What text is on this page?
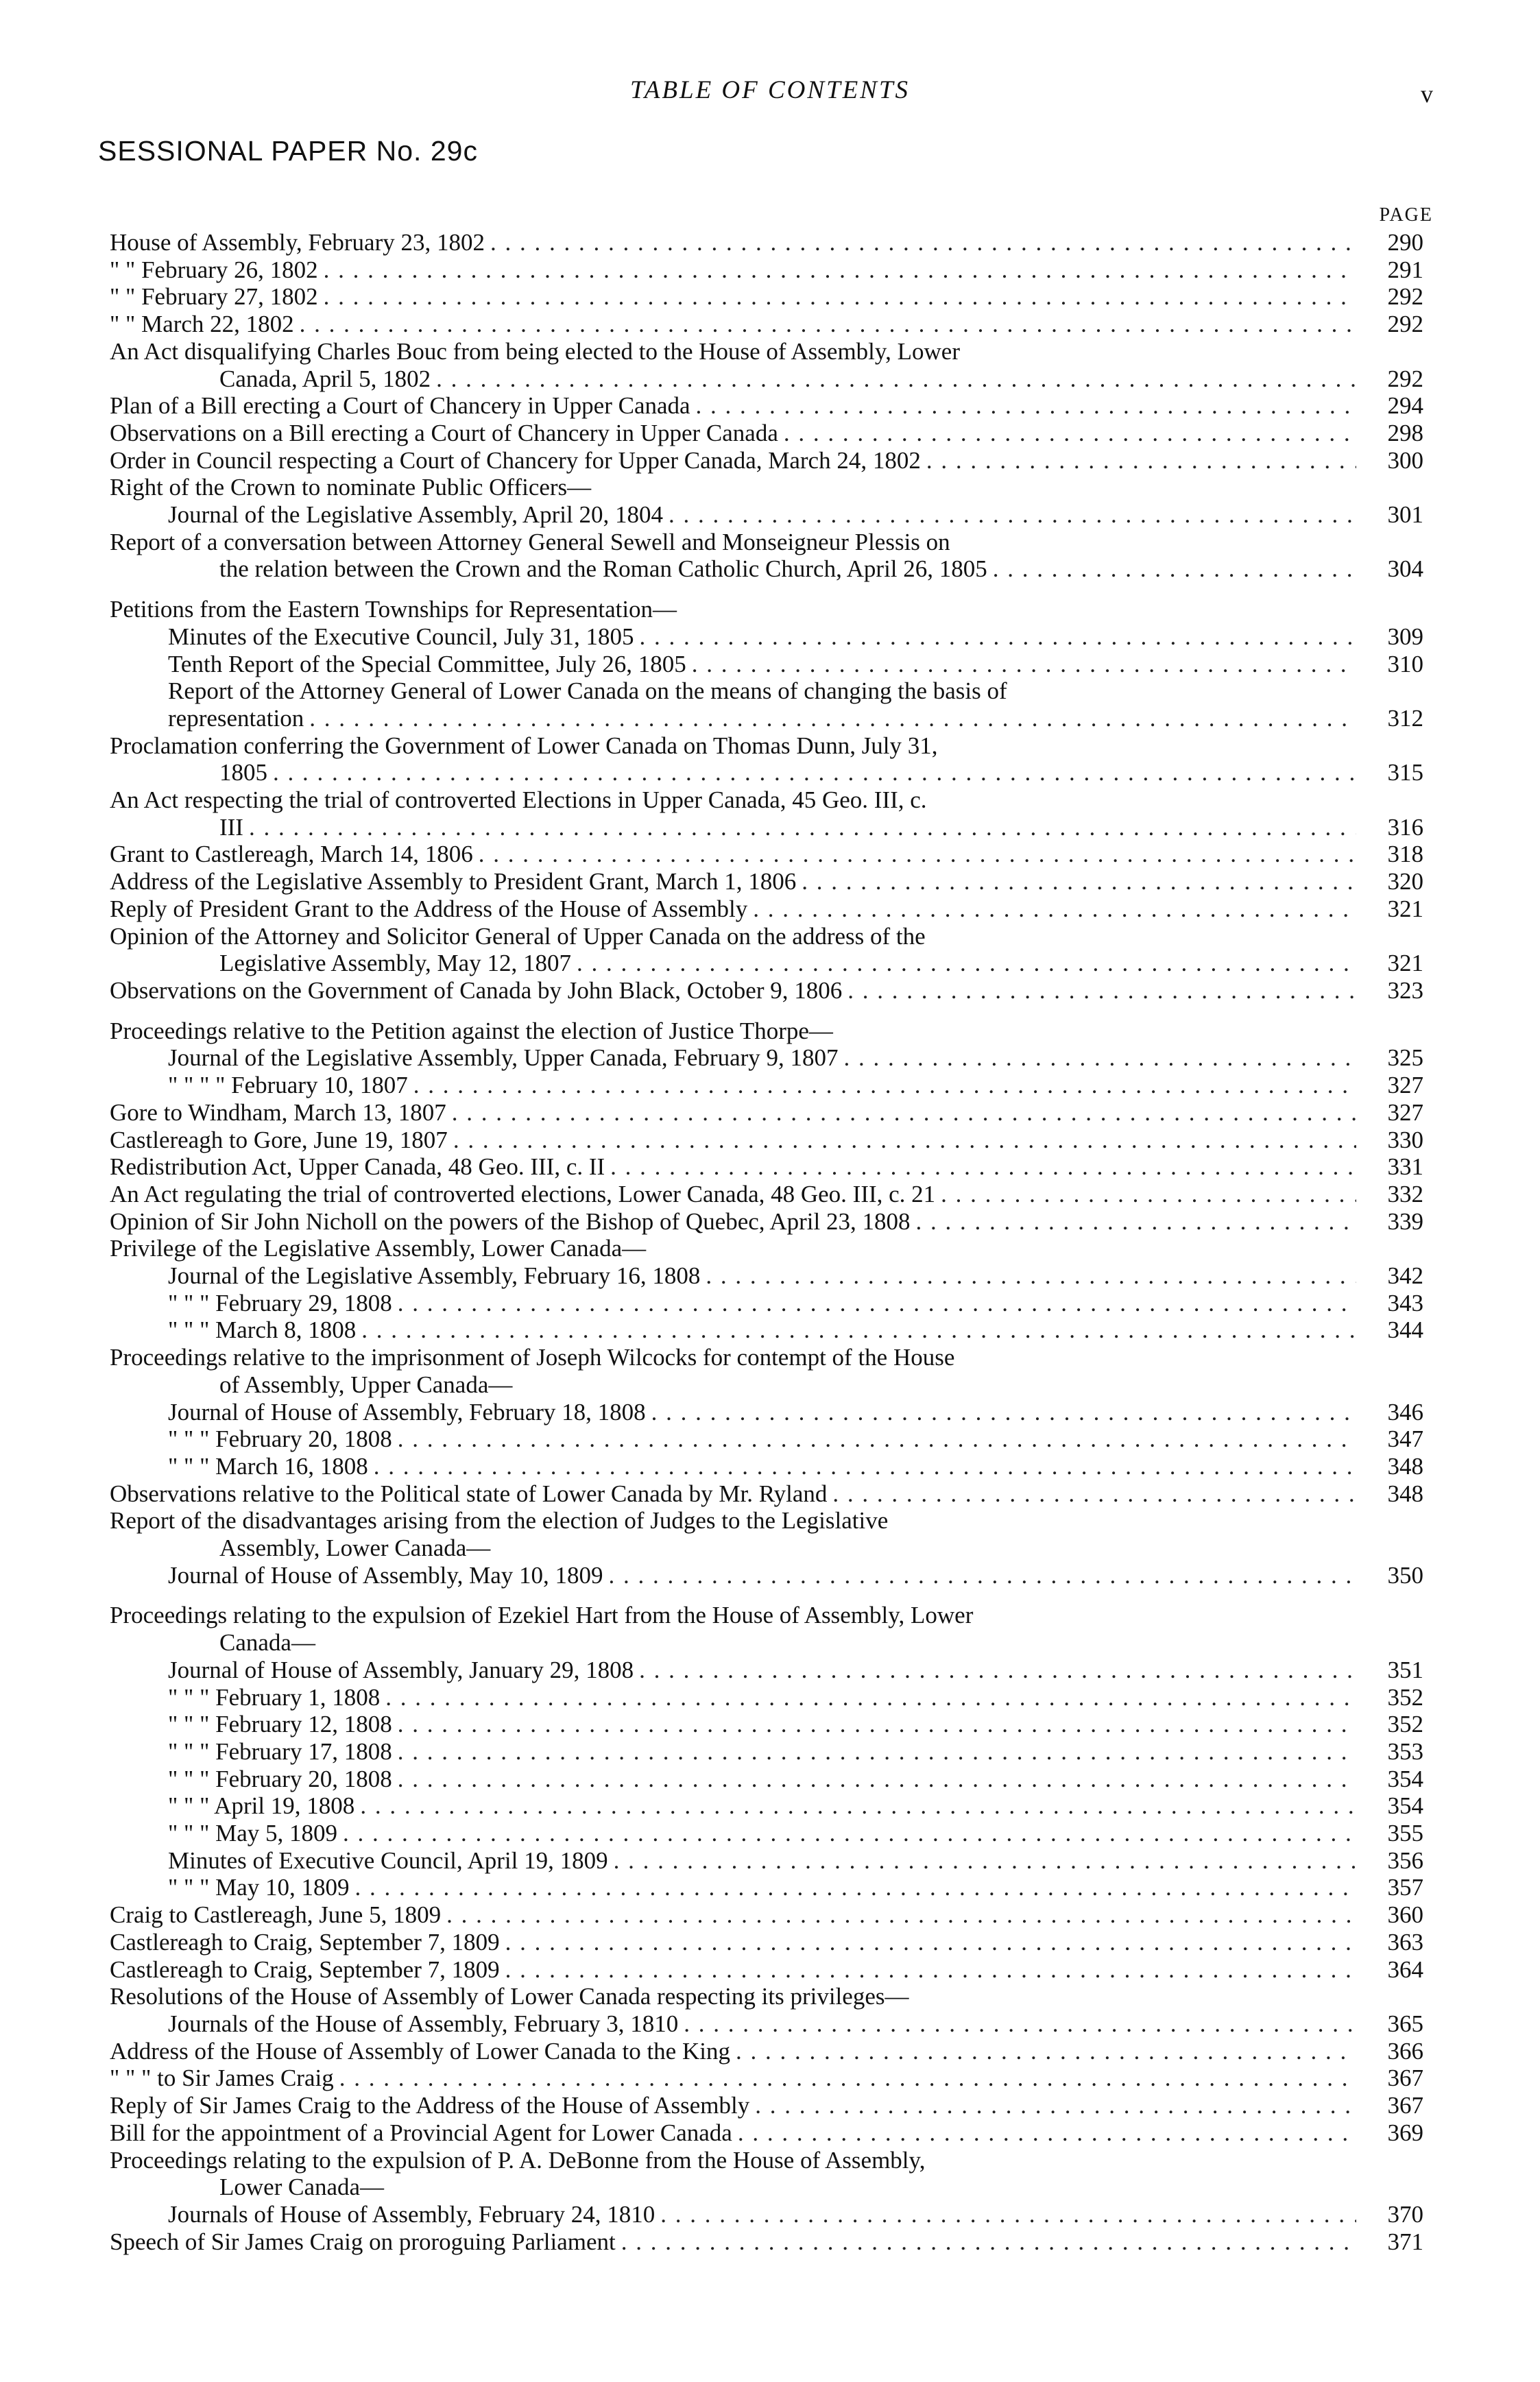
TABLE OF CONTENTS	v
SESSIONAL PAPER No. 29c
PAGE
House of Assembly, February 23, 1802 . . .	290
" " February 26, 1802 . . .	291
" " February 27, 1802 . . .	292
" " March 22, 1802 . . .	292
An Act disqualifying Charles Bouc from being elected to the House of Assembly, Lower
Canada, April 5, 1802 . . .	292
Plan of a Bill erecting a Court of Chancery in Upper Canada . . .	294
Observations on a Bill erecting a Court of Chancery in Upper Canada . . .	298
Order in Council respecting a Court of Chancery for Upper Canada, March 24, 1802 . . .	300
Right of the Crown to nominate Public Officers—
Journal of the Legislative Assembly, April 20, 1804 . . .	301
Report of a conversation between Attorney General Sewell and Monseigneur Plessis on
the relation between the Crown and the Roman Catholic Church, April 26, 1805 . . .	304
Petitions from the Eastern Townships for Representation—
Minutes of the Executive Council, July 31, 1805 . . .	309
Tenth Report of the Special Committee, July 26, 1805 . . .	310
Report of the Attorney General of Lower Canada on the means of changing the basis of
representation . . .	312
Proclamation conferring the Government of Lower Canada on Thomas Dunn, July 31,
1805 . . .	315
An Act respecting the trial of controverted Elections in Upper Canada, 45 Geo. III, c.
III . . .	316
Grant to Castlereagh, March 14, 1806 . . .	318
Address of the Legislative Assembly to President Grant, March 1, 1806 . . .	320
Reply of President Grant to the Address of the House of Assembly . . .	321
Opinion of the Attorney and Solicitor General of Upper Canada on the address of the
Legislative Assembly, May 12, 1807 . . .	321
Observations on the Government of Canada by John Black, October 9, 1806 . . .	323
Proceedings relative to the Petition against the election of Justice Thorpe—
Journal of the Legislative Assembly, Upper Canada, February 9, 1807 . . .	325
" " " " February 10, 1807 . . .	327
Gore to Windham, March 13, 1807 . . .	327
Castlereagh to Gore, June 19, 1807 . . .	330
Redistribution Act, Upper Canada, 48 Geo. III, c. II . . .	331
An Act regulating the trial of controverted elections, Lower Canada, 48 Geo. III, c. 21 . . .	332
Opinion of Sir John Nicholl on the powers of the Bishop of Quebec, April 23, 1808 . . .	339
Privilege of the Legislative Assembly, Lower Canada—
Journal of the Legislative Assembly, February 16, 1808 . . .	342
" " " February 29, 1808 . . .	343
" " " March 8, 1808 . . .	344
Proceedings relative to the imprisonment of Joseph Wilcocks for contempt of the House
of Assembly, Upper Canada—
Journal of House of Assembly, February 18, 1808 . . .	346
" " " February 20, 1808 . . .	347
" " " March 16, 1808 . . .	348
Observations relative to the Political state of Lower Canada by Mr. Ryland . . .	348
Report of the disadvantages arising from the election of Judges to the Legislative
Assembly, Lower Canada—
Journal of House of Assembly, May 10, 1809 . . .	350
Proceedings relating to the expulsion of Ezekiel Hart from the House of Assembly, Lower
Canada—
Journal of House of Assembly, January 29, 1808 . . .	351
" " " February 1, 1808 . . .	352
" " " February 12, 1808 . . .	352
" " " February 17, 1808 . . .	353
" " " February 20, 1808 . . .	354
" " " April 19, 1808 . . .	354
" " " May 5, 1809 . . .	355
Minutes of Executive Council, April 19, 1809 . . .	356
" " " May 10, 1809 . . .	357
Craig to Castlereagh, June 5, 1809 . . .	360
Castlereagh to Craig, September 7, 1809 . . .	363
Castlereagh to Craig, September 7, 1809 . . .	364
Resolutions of the House of Assembly of Lower Canada respecting its privileges—
Journals of the House of Assembly, February 3, 1810 . . .	365
Address of the House of Assembly of Lower Canada to the King . . .	366
" " " to Sir James Craig . . .	367
Reply of Sir James Craig to the Address of the House of Assembly . . .	367
Bill for the appointment of a Provincial Agent for Lower Canada . . .	369
Proceedings relating to the expulsion of P. A. DeBonne from the House of Assembly,
Lower Canada—
Journals of House of Assembly, February 24, 1810 . . .	370
Speech of Sir James Craig on proroguing Parliament . . .	371
